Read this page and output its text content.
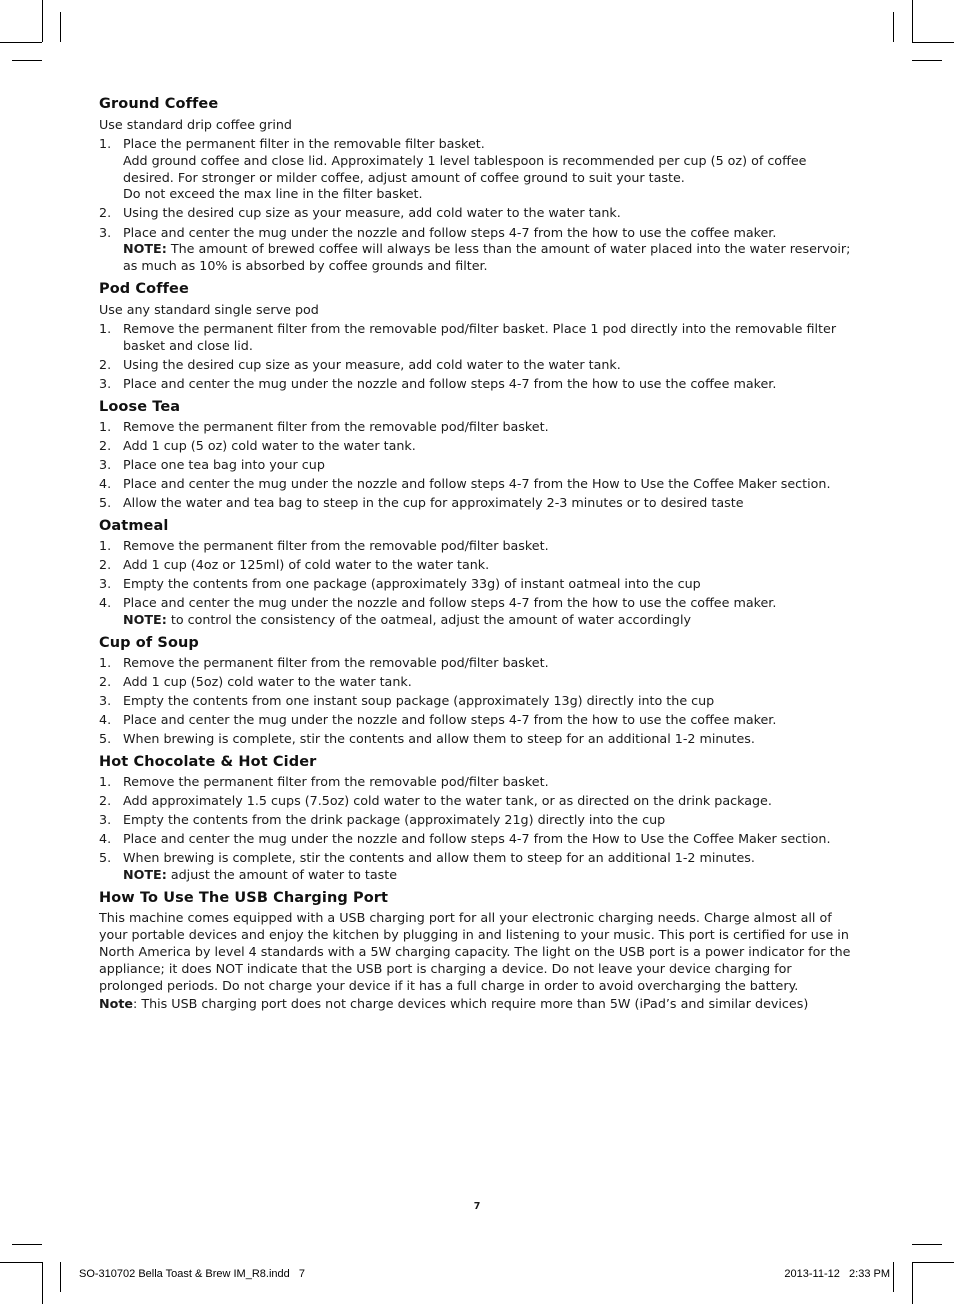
Ground Coffee
Use standard drip coffee grind
1. Place the permanent filter in the removable filter basket.
Add ground coffee and close lid. Approximately 1 level tablespoon is recommended per cup (5 oz) of coffee desired. For stronger or milder coffee, adjust amount of coffee ground to suit your taste.
Do not exceed the max line in the filter basket.
2. Using the desired cup size as your measure, add cold water to the water tank.
3. Place and center the mug under the nozzle and follow steps 4-7 from the how to use the coffee maker.
NOTE: The amount of brewed coffee will always be less than the amount of water placed into the water reservoir; as much as 10% is absorbed by coffee grounds and filter.
Pod Coffee
Use any standard single serve pod
1. Remove the permanent filter from the removable pod/filter basket. Place 1 pod directly into the removable filter basket and close lid.
2. Using the desired cup size as your measure, add cold water to the water tank.
3. Place and center the mug under the nozzle and follow steps 4-7 from the how to use the coffee maker.
Loose Tea
1. Remove the permanent filter from the removable pod/filter basket.
2. Add 1 cup (5 oz) cold water to the water tank.
3. Place one tea bag into your cup
4. Place and center the mug under the nozzle and follow steps 4-7 from the How to Use the Coffee Maker section.
5. Allow the water and tea bag to steep in the cup for approximately 2-3 minutes or to desired taste
Oatmeal
1. Remove the permanent filter from the removable pod/filter basket.
2. Add 1 cup (4oz or 125ml) of cold water to the water tank.
3. Empty the contents from one package (approximately 33g) of instant oatmeal into the cup
4. Place and center the mug under the nozzle and follow steps 4-7 from the how to use the coffee maker.
NOTE: to control the consistency of the oatmeal, adjust the amount of water accordingly
Cup of Soup
1. Remove the permanent filter from the removable pod/filter basket.
2. Add 1 cup (5oz) cold water to the water tank.
3. Empty the contents from one instant soup package (approximately 13g) directly into the cup
4. Place and center the mug under the nozzle and follow steps 4-7 from the how to use the coffee maker.
5. When brewing is complete, stir the contents and allow them to steep for an additional 1-2 minutes.
Hot Chocolate & Hot Cider
1. Remove the permanent filter from the removable pod/filter basket.
2. Add approximately 1.5 cups (7.5oz) cold water to the water tank, or as directed on the drink package.
3. Empty the contents from the drink package (approximately 21g) directly into the cup
4. Place and center the mug under the nozzle and follow steps 4-7 from the How to Use the Coffee Maker section.
5. When brewing is complete, stir the contents and allow them to steep for an additional 1-2 minutes.
NOTE: adjust the amount of water to taste
How To Use The USB Charging Port

This machine comes equipped with a USB charging port for all your electronic charging needs. Charge almost all of your portable devices and enjoy the kitchen by plugging in and listening to your music. This port is certified for use in North America by level 4 standards with a 5W charging capacity. The light on the USB port is a power indicator for the appliance; it does NOT indicate that the USB port is charging a device. Do not leave your device charging for prolonged periods. Do not charge your device if it has a full charge in order to avoid overcharging the battery.

Note: This USB charging port does not charge devices which require more than 5W (iPad’s and similar devices)

7
SO-310702 Bella Toast & Brew IM_R8.indd   7	2013-11-12   2:33 PM
